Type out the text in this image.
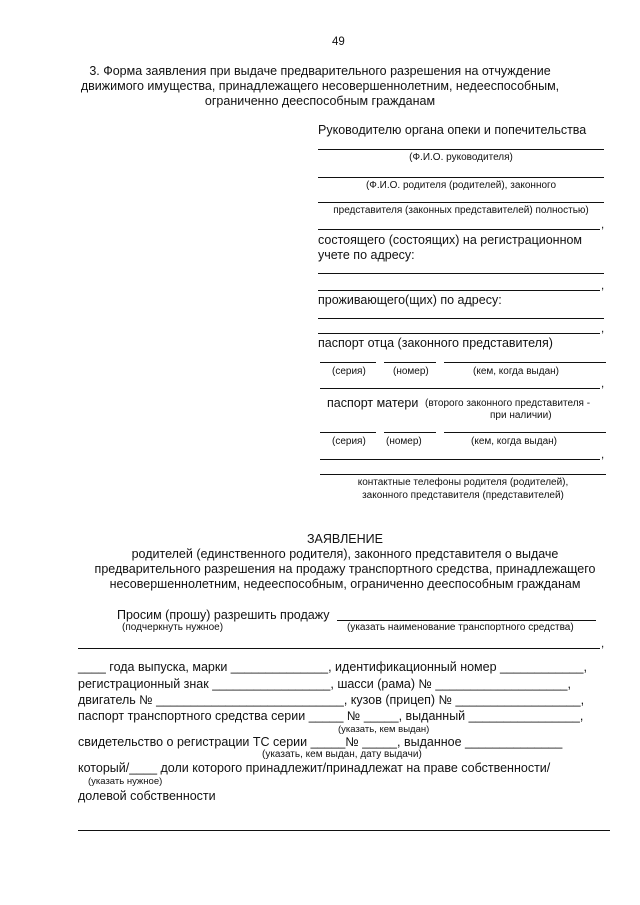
49
3. Форма заявления при выдаче предварительного разрешения на отчуждение
движимого имущества, принадлежащего несовершеннолетним, недееспособным,
ограниченно дееспособным гражданам
Руководителю органа опеки и попечительства
(Ф.И.О. руководителя)
(Ф.И.О. родителя (родителей), законного
представителя (законных представителей) полностью)
,
состоящего (состоящих) на регистрационном
учете по адресу:
,
проживающего(щих) по адресу:
,
паспорт отца (законного представителя)
(серия)	(номер)	(кем, когда выдан)
,
паспорт матери (второго законного представителя -
при наличии)
(серия) (номер)	(кем, когда выдан)
,
контактные телефоны родителя (родителей),
законного представителя (представителей)
ЗАЯВЛЕНИЕ
родителей (единственного родителя), законного представителя о выдаче
предварительного разрешения на продажу транспортного средства, принадлежащего
несовершеннолетним, недееспособным, ограниченно дееспособным гражданам
Просим (прошу) разрешить продажу
(подчеркнуть нужное)	(указать наименование транспортного средства)
,
____ года выпуска, марки ______________, идентификационный номер ____________,
регистрационный знак _________________, шасси (рама) № ___________________,
двигатель № ___________________________, кузов (прицеп) № __________________,
паспорт транспортного средства серии _____ № _____, выданный ________________,
(указать, кем выдан)
свидетельство о регистрации ТС серии _____№ _____, выданное ______________
(указать, кем выдан, дату выдачи)
который/____ доли которого принадлежит/принадлежат на праве собственности/
(указать нужное)
долевой собственности
